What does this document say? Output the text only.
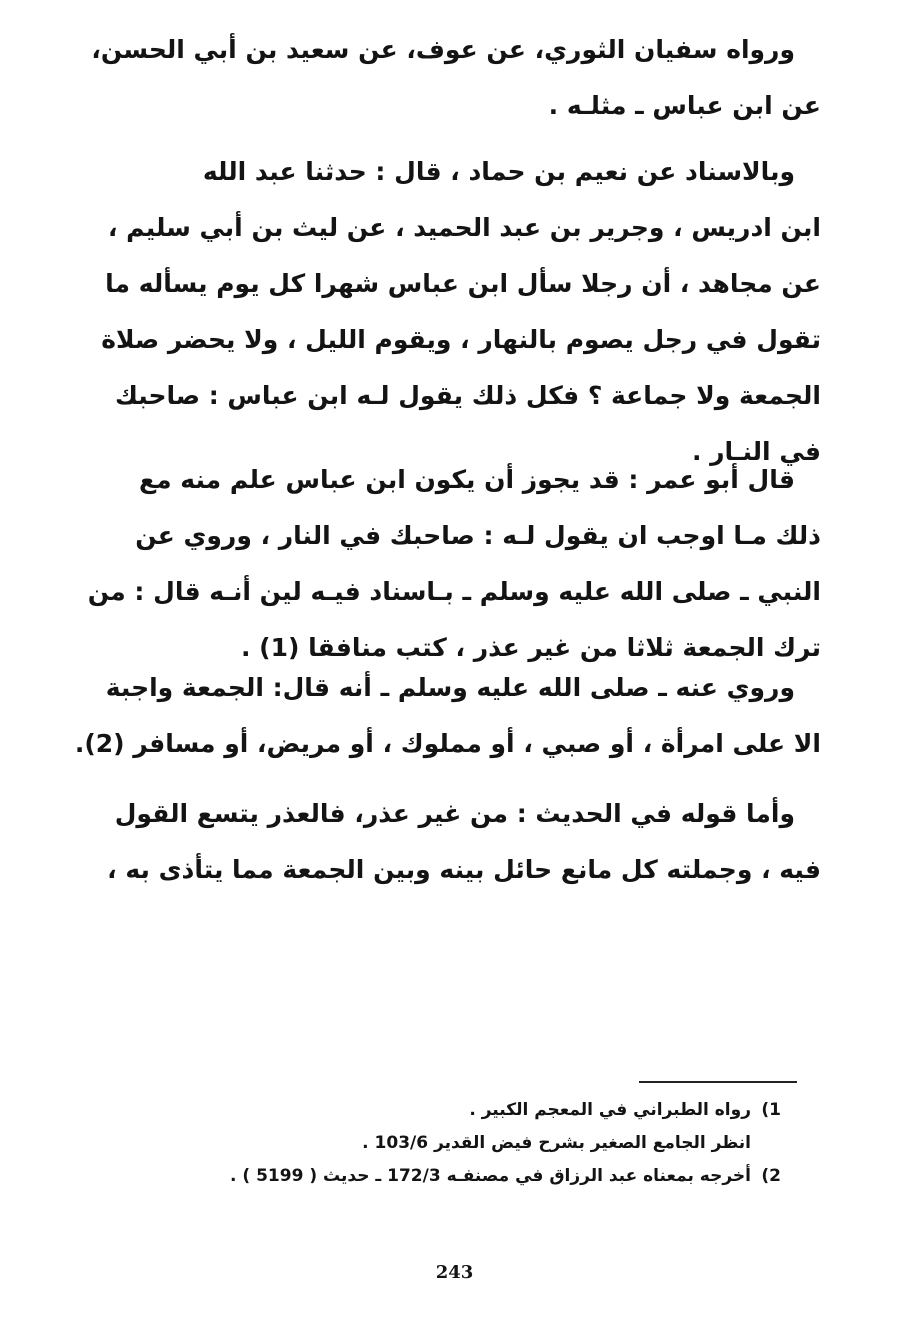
ورواه سفيان الثوري، عن عوف، عن سعيد بن أبي الحسن،
عن ابن عباس ـ مثلـه .

وبالاسناد عن نعيم بن حماد ، قال : حدثنا عبد الله
ابن ادريس ، وجرير بن عبد الحميد ، عن ليث بن أبي سليم ،
عن مجاهد ، أن رجلا سأل ابن عباس شهرا كل يوم يسأله ما
تقول في رجل يصوم بالنهار ، ويقوم الليل ، ولا يحضر صلاة
الجمعة ولا جماعة ؟ فكل ذلك يقول لـه ابن عباس : صاحبك
في النـار .

قال أبو عمر : قد يجوز أن يكون ابن عباس علم منه مع
ذلك مـا اوجب ان يقول لـه : صاحبك في النار ، وروي عن
النبي ـ صلى الله عليه وسلم ـ بـاسناد فيـه لين أنـه قال : من
ترك الجمعة ثلاثا من غير عذر ، كتب منافقا (1) .

وروي عنه ـ صلى الله عليه وسلم ـ أنه قال: الجمعة واجبة
الا على امرأة ، أو صبي ، أو مملوك ، أو مريض، أو مسافر (2).

وأما قوله في الحديث : من غير عذر، فالعذر يتسع القول
فيه ، وجملته كل مانع حائل بينه وبين الجمعة مما يتأذى به ،

1)رواه الطبراني في المعجم الكبير .
انظر الجامع الصغير بشرح فيض القدير 103/6 .
2)أخرجه بمعناه عبد الرزاق في مصنفـه 172/3 ـ حديث ( 5199 ) .
243
